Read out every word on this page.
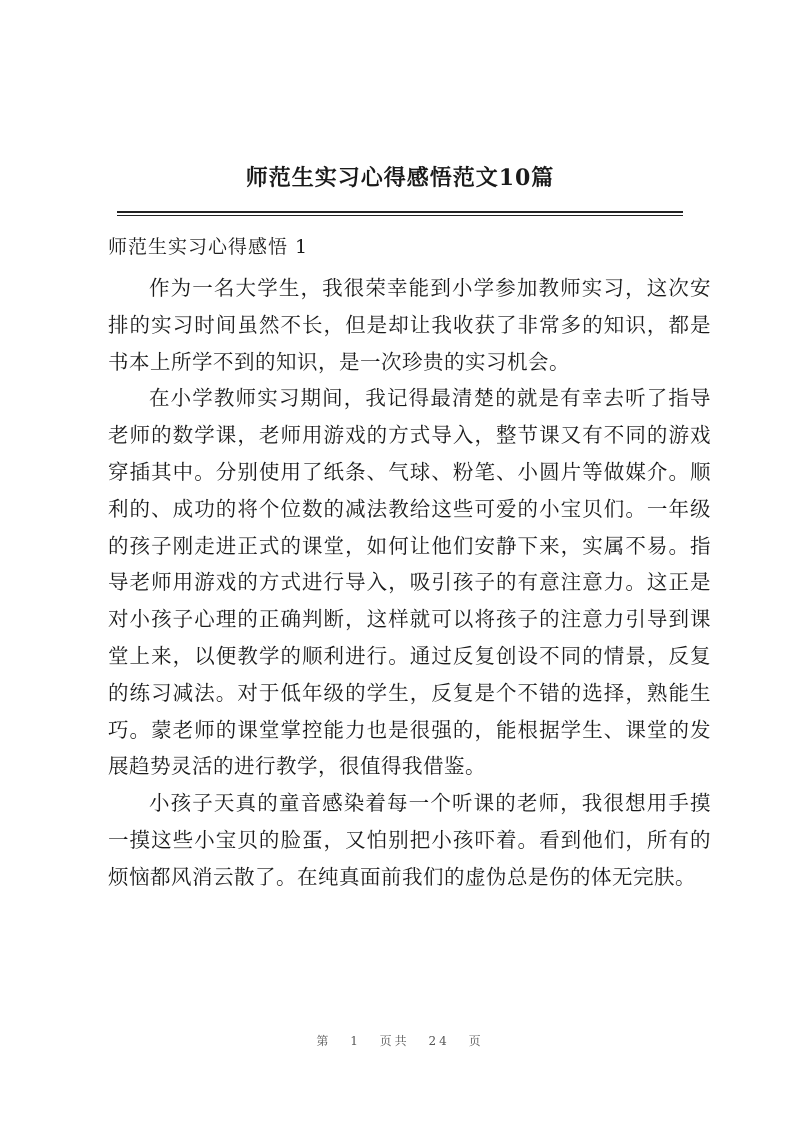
师范生实习心得感悟范文10篇
师范生实习心得感悟 1

作为一名大学生，我很荣幸能到小学参加教师实习，这次安排的实习时间虽然不长，但是却让我收获了非常多的知识，都是书本上所学不到的知识，是一次珍贵的实习机会。

在小学教师实习期间，我记得最清楚的就是有幸去听了指导老师的数学课，老师用游戏的方式导入，整节课又有不同的游戏穿插其中。分别使用了纸条、气球、粉笔、小圆片等做媒介。顺利的、成功的将个位数的减法教给这些可爱的小宝贝们。一年级的孩子刚走进正式的课堂，如何让他们安静下来，实属不易。指导老师用游戏的方式进行导入，吸引孩子的有意注意力。这正是对小孩子心理的正确判断，这样就可以将孩子的注意力引导到课堂上来，以便教学的顺利进行。通过反复创设不同的情景，反复的练习减法。对于低年级的学生，反复是个不错的选择，熟能生巧。蒙老师的课堂掌控能力也是很强的，能根据学生、课堂的发展趋势灵活的进行教学，很值得我借鉴。

小孩子天真的童音感染着每一个听课的老师，我很想用手摸一摸这些小宝贝的脸蛋，又怕别把小孩吓着。看到他们，所有的烦恼都风消云散了。在纯真面前我们的虚伪总是伤的体无完肤。

第 1 页共 24 页
